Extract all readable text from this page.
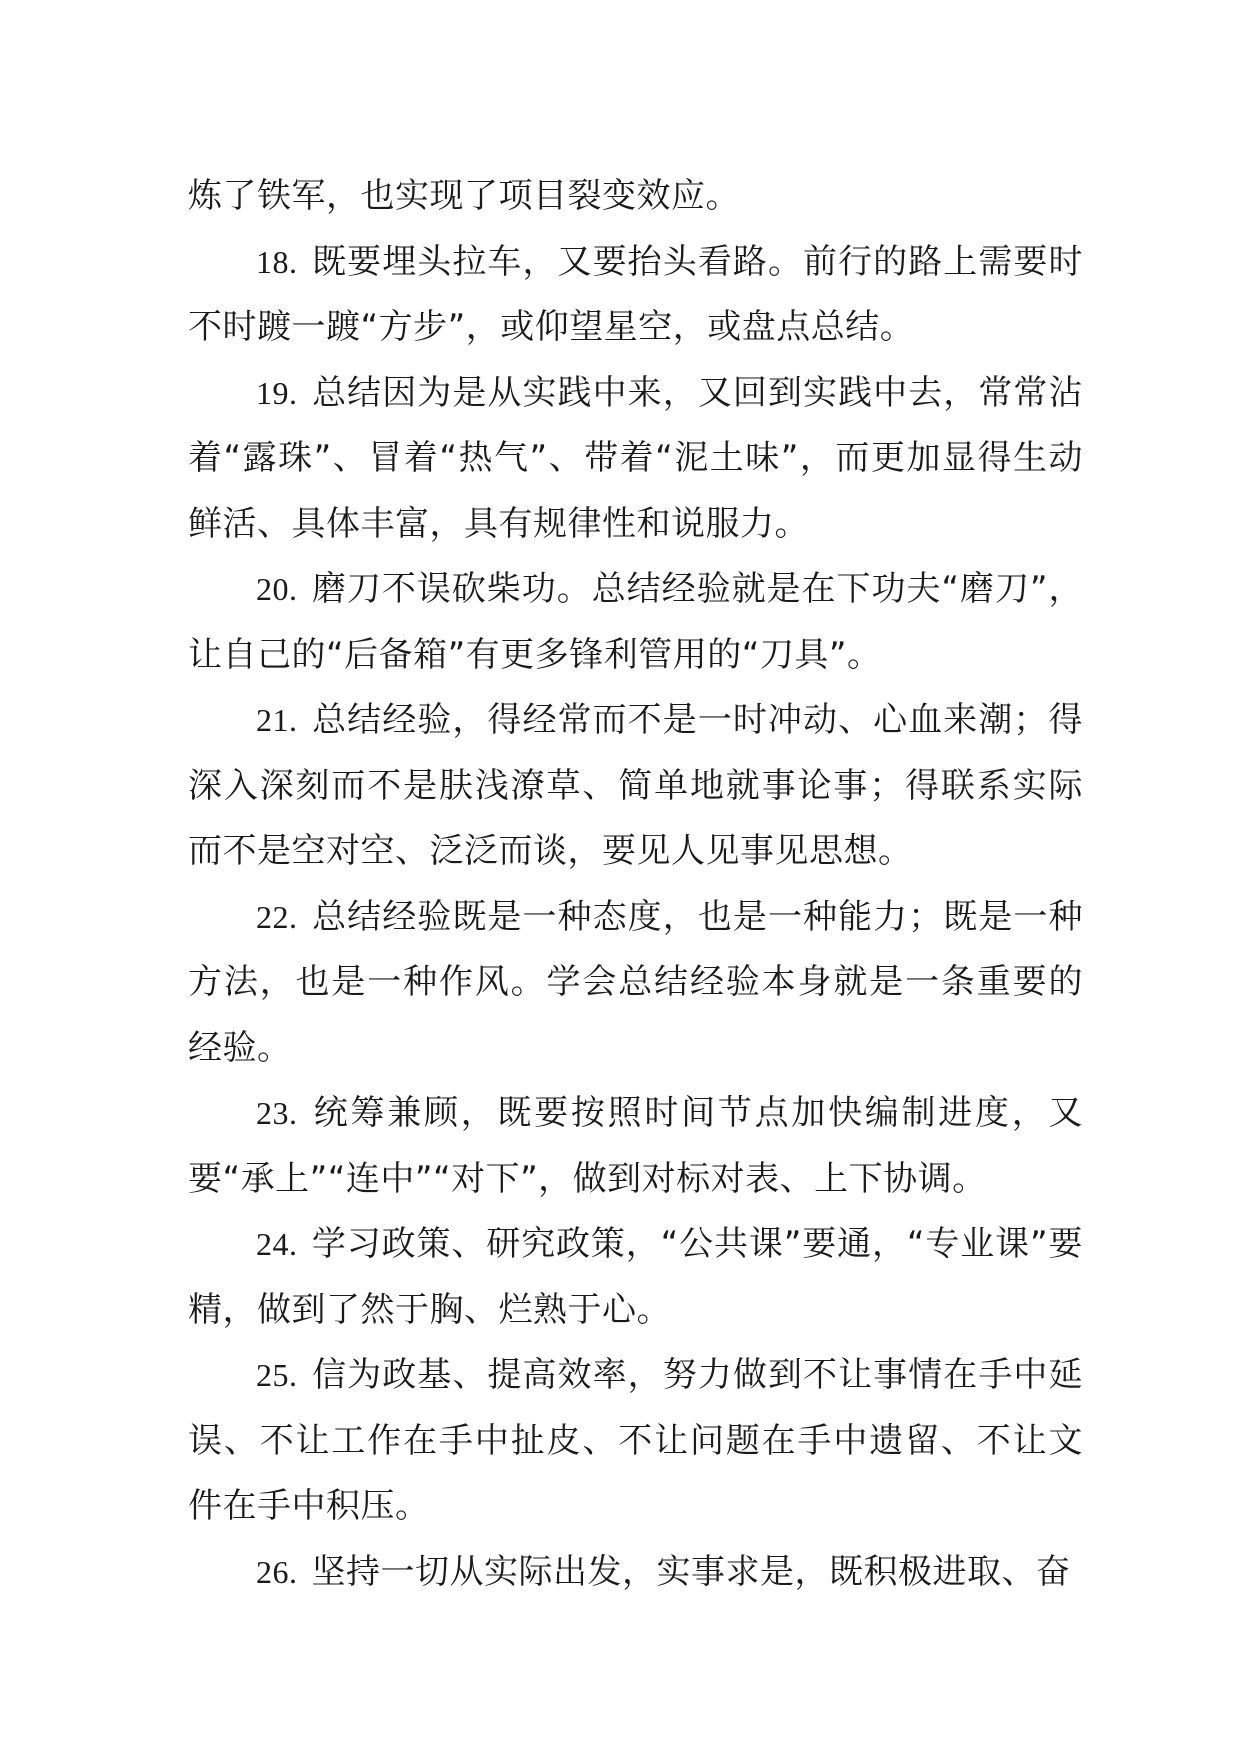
炼了铁军，也实现了项目裂变效应。

18. 既要埋头拉车，又要抬头看路。前行的路上需要时不时踱一踱“方步”，或仰望星空，或盘点总结。

19. 总结因为是从实践中来，又回到实践中去，常常沾着“露珠”、冒着“热气”、带着“泥土味”，而更加显得生动鲜活、具体丰富，具有规律性和说服力。

20. 磨刀不误砍柴功。总结经验就是在下功夫“磨刀”，让自己的“后备箱”有更多锋利管用的“刀具”。

21. 总结经验，得经常而不是一时冲动、心血来潮；得深入深刻而不是肤浅潦草、简单地就事论事；得联系实际而不是空对空、泛泛而谈，要见人见事见思想。

22. 总结经验既是一种态度，也是一种能力；既是一种方法，也是一种作风。学会总结经验本身就是一条重要的经验。

23. 统筹兼顾，既要按照时间节点加快编制进度，又要“承上”“连中”“对下”，做到对标对表、上下协调。

24. 学习政策、研究政策，“公共课”要通，“专业课”要精，做到了然于胸、烂熟于心。

25. 信为政基、提高效率，努力做到不让事情在手中延误、不让工作在手中扯皮、不让问题在手中遗留、不让文件在手中积压。

26. 坚持一切从实际出发，实事求是，既积极进取、奋
